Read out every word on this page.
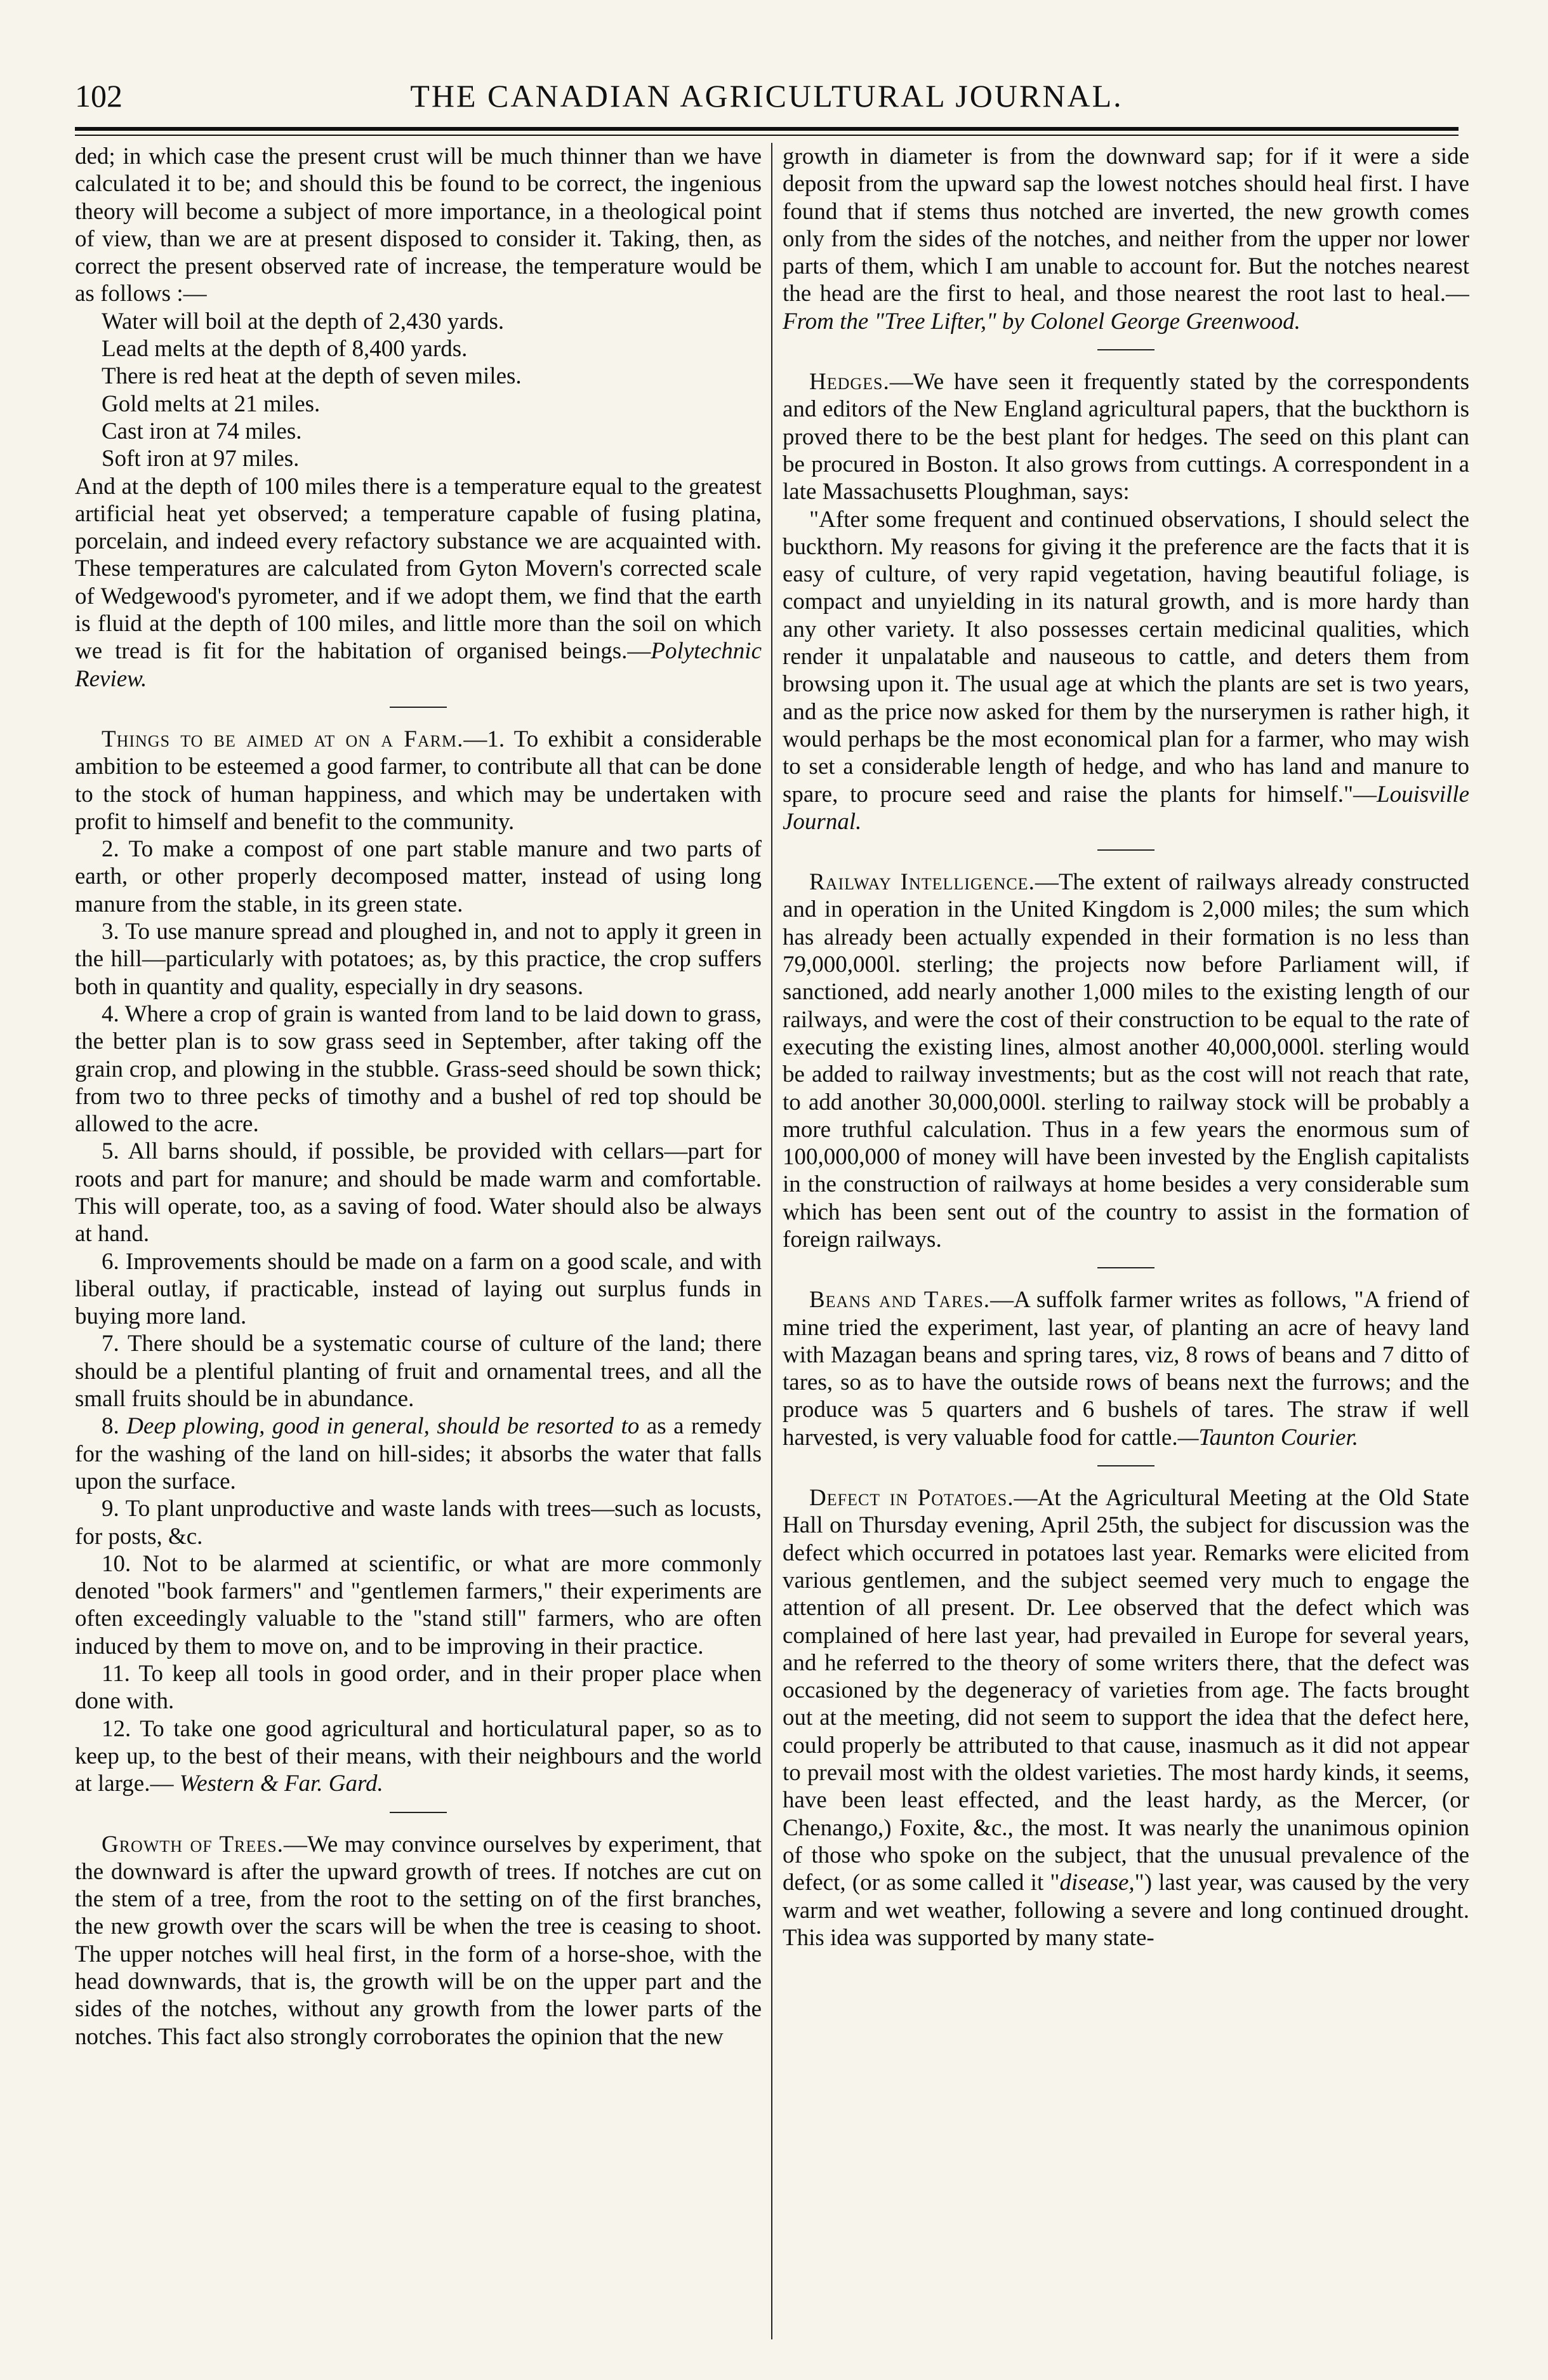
102	THE CANADIAN AGRICULTURAL JOURNAL.

ded; in which case the present crust will be much thinner than we have calculated it to be; and should this be found to be correct, the ingenious theory will become a subject of more importance, in a theological point of view, than we are at present disposed to consider it. Taking, then, as correct the present observed rate of increase, the temperature would be as follows :—

Water will boil at the depth of 2,430 yards.

Lead melts at the depth of 8,400 yards.

There is red heat at the depth of seven miles.

Gold melts at 21 miles.

Cast iron at 74 miles.

Soft iron at 97 miles.

And at the depth of 100 miles there is a temperature equal to the greatest artificial heat yet observed; a temperature capable of fusing platina, porcelain, and indeed every refactory substance we are acquainted with. These temperatures are calculated from Gyton Movern's corrected scale of Wedgewood's pyrometer, and if we adopt them, we find that the earth is fluid at the depth of 100 miles, and little more than the soil on which we tread is fit for the habitation of organised beings.—Polytechnic Review.

Things to be aimed at on a Farm.—1. To exhibit a considerable ambition to be esteemed a good farmer, to contribute all that can be done to the stock of human happiness, and which may be undertaken with profit to himself and benefit to the community.

2. To make a compost of one part stable manure and two parts of earth, or other properly decomposed matter, instead of using long manure from the stable, in its green state.

3. To use manure spread and ploughed in, and not to apply it green in the hill—particularly with potatoes; as, by this practice, the crop suffers both in quantity and quality, especially in dry seasons.

4. Where a crop of grain is wanted from land to be laid down to grass, the better plan is to sow grass seed in September, after taking off the grain crop, and plowing in the stubble. Grass-seed should be sown thick; from two to three pecks of timothy and a bushel of red top should be allowed to the acre.

5. All barns should, if possible, be provided with cellars—part for roots and part for manure; and should be made warm and comfortable. This will operate, too, as a saving of food. Water should also be always at hand.

6. Improvements should be made on a farm on a good scale, and with liberal outlay, if practicable, instead of laying out surplus funds in buying more land.

7. There should be a systematic course of culture of the land; there should be a plentiful planting of fruit and ornamental trees, and all the small fruits should be in abundance.

8. Deep plowing, good in general, should be resorted to as a remedy for the washing of the land on hill-sides; it absorbs the water that falls upon the surface.

9. To plant unproductive and waste lands with trees—such as locusts, for posts, &c.

10. Not to be alarmed at scientific, or what are more commonly denoted "book farmers" and "gentlemen farmers," their experiments are often exceedingly valuable to the "stand still" farmers, who are often induced by them to move on, and to be improving in their practice.

11. To keep all tools in good order, and in their proper place when done with.

12. To take one good agricultural and horticulatural paper, so as to keep up, to the best of their means, with their neighbours and the world at large.— Western & Far. Gard.

Growth of Trees.—We may convince ourselves by experiment, that the downward is after the upward growth of trees. If notches are cut on the stem of a tree, from the root to the setting on of the first branches, the new growth over the scars will be when the tree is ceasing to shoot. The upper notches will heal first, in the form of a horse-shoe, with the head downwards, that is, the growth will be on the upper part and the sides of the notches, without any growth from the lower parts of the notches. This fact also strongly corroborates the opinion that the new

growth in diameter is from the downward sap; for if it were a side deposit from the upward sap the lowest notches should heal first. I have found that if stems thus notched are inverted, the new growth comes only from the sides of the notches, and neither from the upper nor lower parts of them, which I am unable to account for. But the notches nearest the head are the first to heal, and those nearest the root last to heal.—From the "Tree Lifter," by Colonel George Greenwood.

Hedges.—We have seen it frequently stated by the correspondents and editors of the New England agricultural papers, that the buckthorn is proved there to be the best plant for hedges. The seed on this plant can be procured in Boston. It also grows from cuttings. A correspondent in a late Massachusetts Ploughman, says:

"After some frequent and continued observations, I should select the buckthorn. My reasons for giving it the preference are the facts that it is easy of culture, of very rapid vegetation, having beautiful foliage, is compact and unyielding in its natural growth, and is more hardy than any other variety. It also possesses certain medicinal qualities, which render it unpalatable and nauseous to cattle, and deters them from browsing upon it. The usual age at which the plants are set is two years, and as the price now asked for them by the nurserymen is rather high, it would perhaps be the most economical plan for a farmer, who may wish to set a considerable length of hedge, and who has land and manure to spare, to procure seed and raise the plants for himself."—Louisville Journal.

Railway Intelligence.—The extent of railways already constructed and in operation in the United Kingdom is 2,000 miles; the sum which has already been actually expended in their formation is no less than 79,000,000l. sterling; the projects now before Parliament will, if sanctioned, add nearly another 1,000 miles to the existing length of our railways, and were the cost of their construction to be equal to the rate of executing the existing lines, almost another 40,000,000l. sterling would be added to railway investments; but as the cost will not reach that rate, to add another 30,000,000l. sterling to railway stock will be probably a more truthful calculation. Thus in a few years the enormous sum of 100,000,000 of money will have been invested by the English capitalists in the construction of railways at home besides a very considerable sum which has been sent out of the country to assist in the formation of foreign railways.

Beans and Tares.—A suffolk farmer writes as follows, "A friend of mine tried the experiment, last year, of planting an acre of heavy land with Mazagan beans and spring tares, viz, 8 rows of beans and 7 ditto of tares, so as to have the outside rows of beans next the furrows; and the produce was 5 quarters and 6 bushels of tares. The straw if well harvested, is very valuable food for cattle.—Taunton Courier.

Defect in Potatoes.—At the Agricultural Meeting at the Old State Hall on Thursday evening, April 25th, the subject for discussion was the defect which occurred in potatoes last year. Remarks were elicited from various gentlemen, and the subject seemed very much to engage the attention of all present. Dr. Lee observed that the defect which was complained of here last year, had prevailed in Europe for several years, and he referred to the theory of some writers there, that the defect was occasioned by the degeneracy of varieties from age. The facts brought out at the meeting, did not seem to support the idea that the defect here, could properly be attributed to that cause, inasmuch as it did not appear to prevail most with the oldest varieties. The most hardy kinds, it seems, have been least effected, and the least hardy, as the Mercer, (or Chenango,) Foxite, &c., the most. It was nearly the unanimous opinion of those who spoke on the subject, that the unusual prevalence of the defect, (or as some called it "disease,") last year, was caused by the very warm and wet weather, following a severe and long continued drought. This idea was supported by many state-
